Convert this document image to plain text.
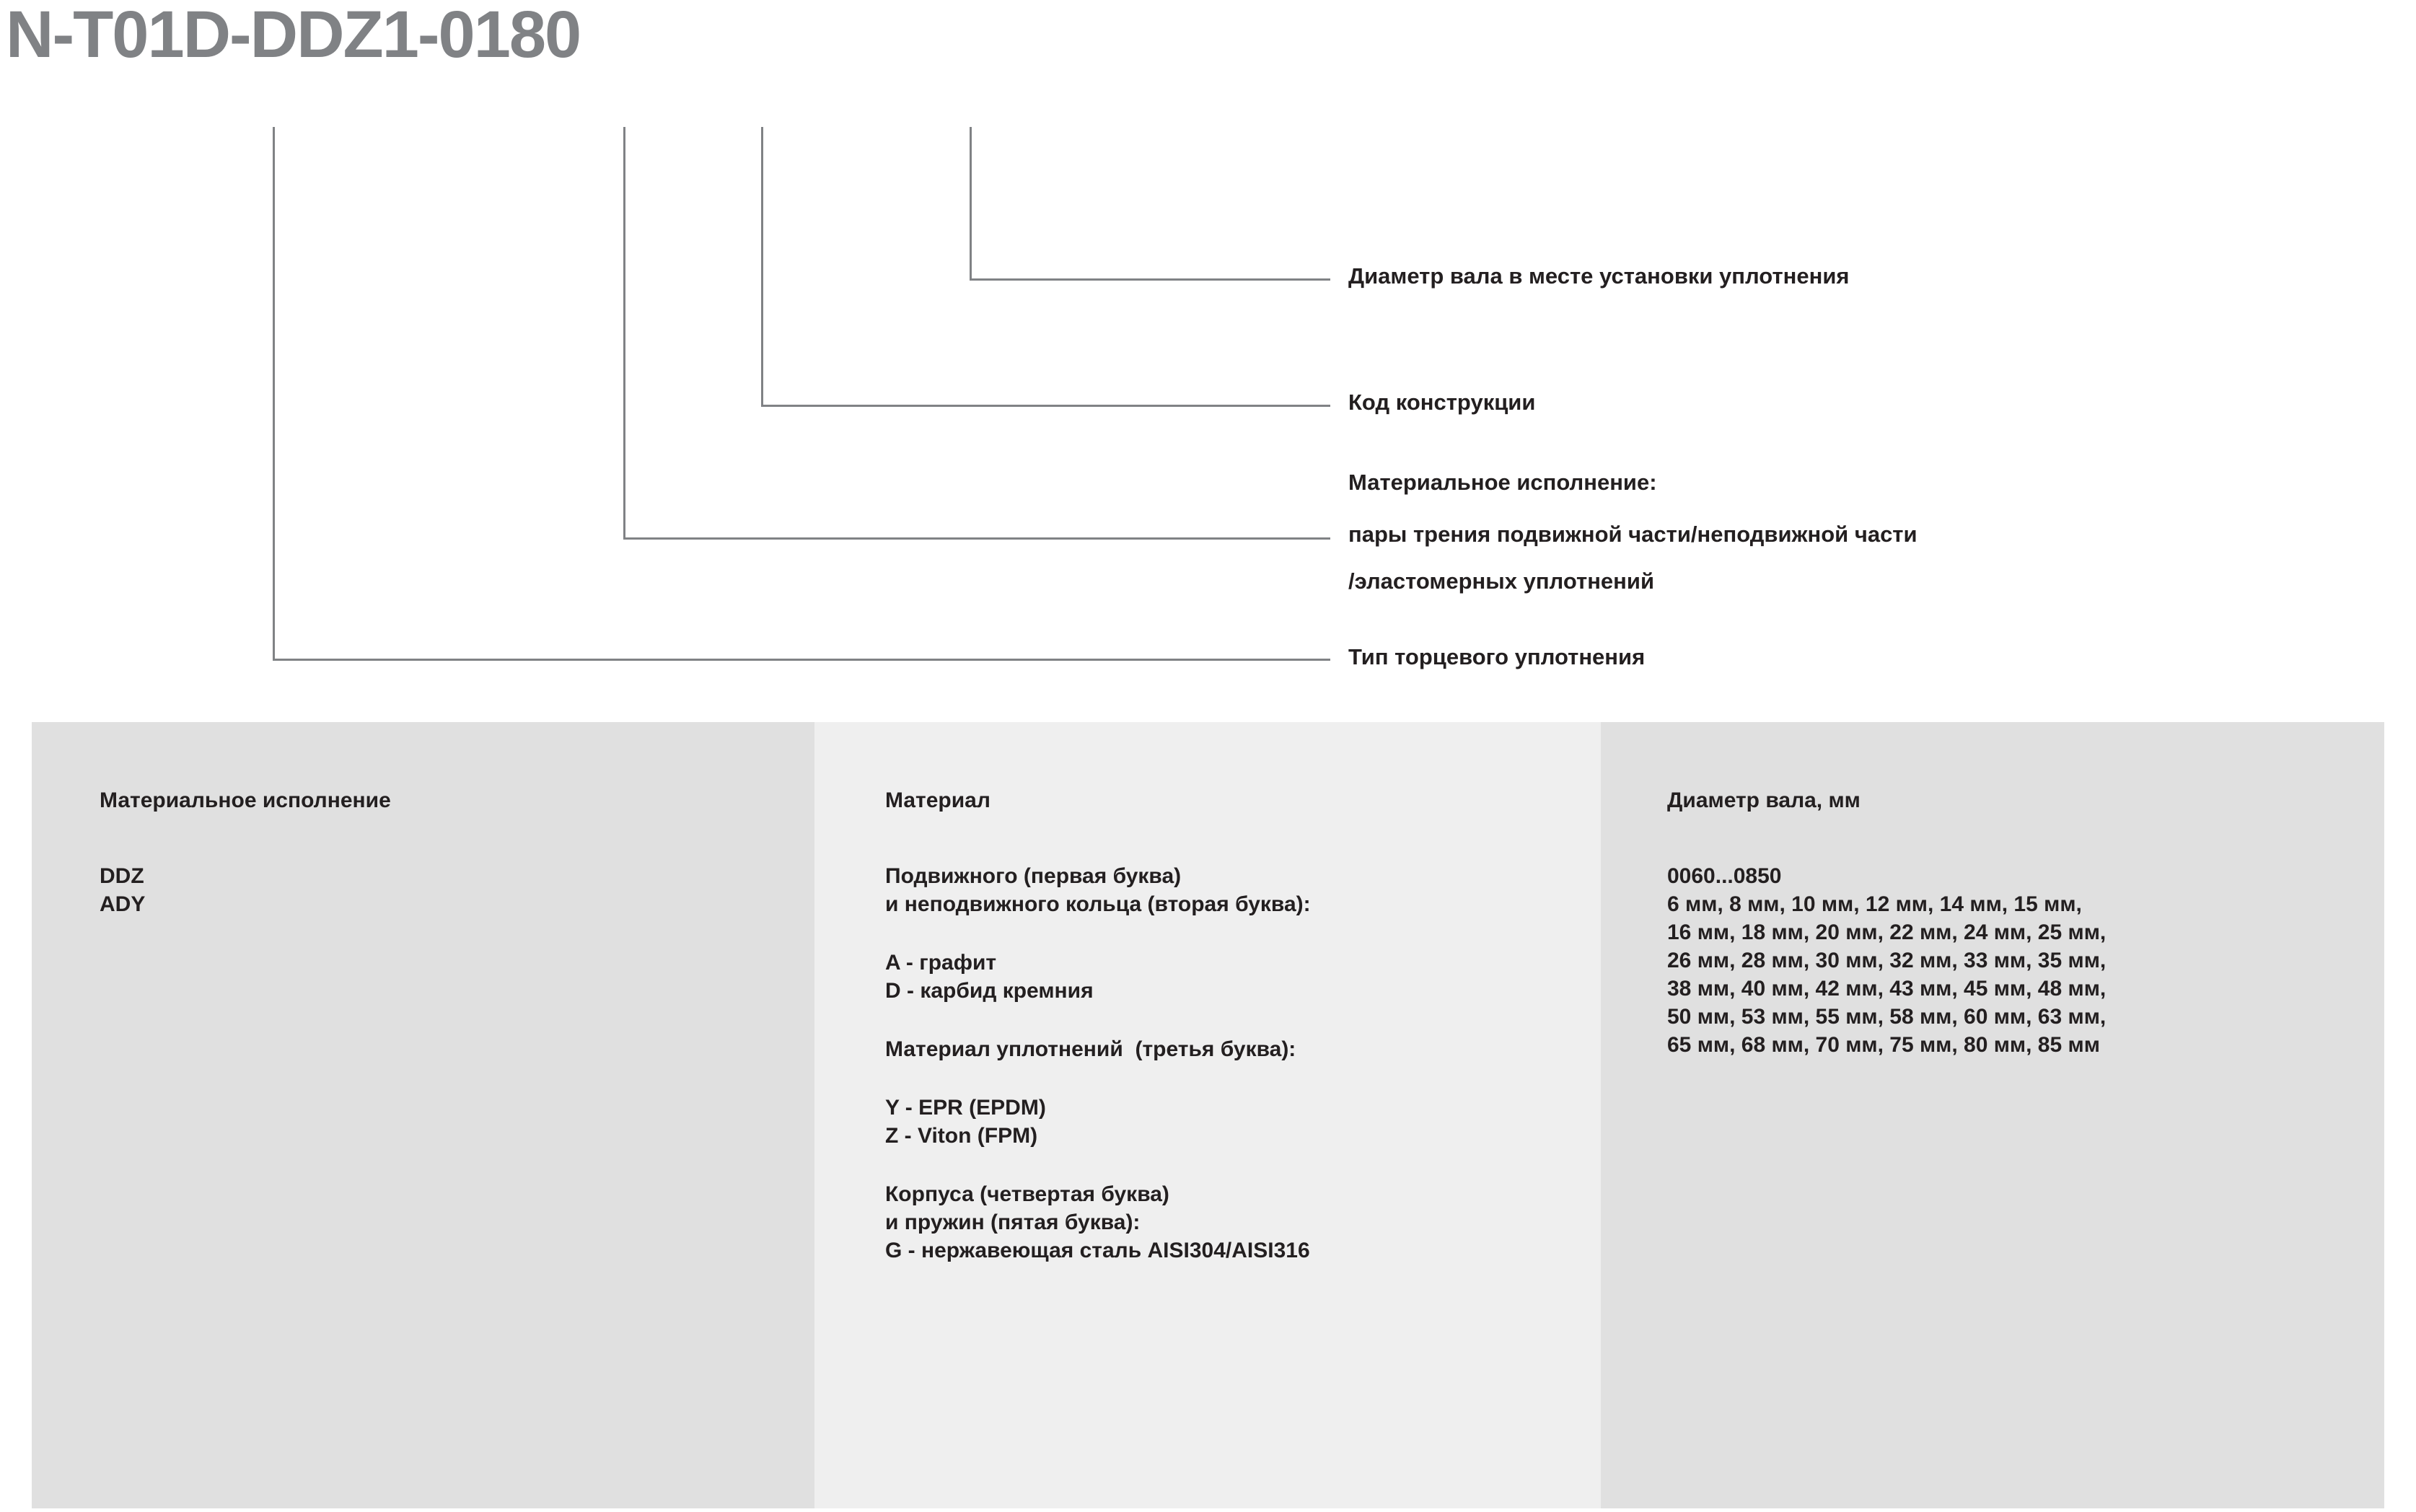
N-T01D-DDZ1-0180
Диаметр вала в месте установки уплотнения
Код конструкции
Материальное исполнение:
пары трения подвижной части/неподвижной части
/эластомерных уплотнений
Тип торцевого уплотнения
Материальное исполнение
DDZ
ADY
Материал
Подвижного (первая буква)
и неподвижного кольца (вторая буква):
A - графит
D - карбид кремния
Материал уплотнений  (третья буква):
Y - EPR (EPDM)
Z - Viton (FPM)
Корпуса (четвертая буква)
и пружин (пятая буква):
G - нержавеющая сталь AISI304/AISI316
Диаметр вала, мм
0060...0850
6 мм, 8 мм, 10 мм, 12 мм, 14 мм, 15 мм,
16 мм, 18 мм, 20 мм, 22 мм, 24 мм, 25 мм,
26 мм, 28 мм, 30 мм, 32 мм, 33 мм, 35 мм,
38 мм, 40 мм, 42 мм, 43 мм, 45 мм, 48 мм,
50 мм, 53 мм, 55 мм, 58 мм, 60 мм, 63 мм,
65 мм, 68 мм, 70 мм, 75 мм, 80 мм, 85 мм
